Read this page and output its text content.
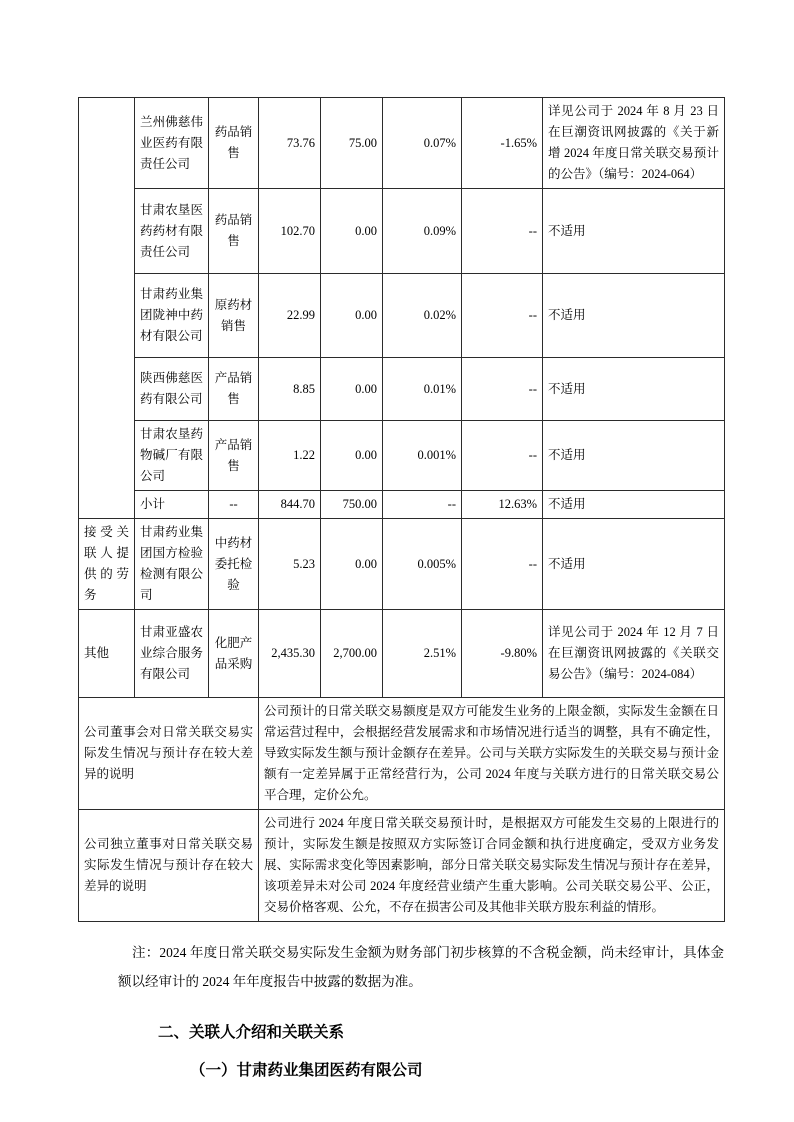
	兰州佛慈伟业医药有限责任公司	药品销售	73.76	75.00	0.07%	-1.65%	详见公司于 2024 年 8 月 23 日在巨潮资讯网披露的《关于新增 2024 年度日常关联交易预计的公告》（编号：2024-064）
	甘肃农垦医药药材有限责任公司	药品销售	102.70	0.00	0.09%	--	不适用
	甘肃药业集团陇神中药材有限公司	原药材销售	22.99	0.00	0.02%	--	不适用
	陕西佛慈医药有限公司	产品销售	8.85	0.00	0.01%	--	不适用
	甘肃农垦药物碱厂有限公司	产品销售	1.22	0.00	0.001%	--	不适用
	小计	--	844.70	750.00	--	12.63%	不适用
接受关联人提供的劳务	甘肃药业集团国方检验检测有限公司	中药材委托检验	5.23	0.00	0.005%	--	不适用
其他	甘肃亚盛农业综合服务有限公司	化肥产品采购	2,435.30	2,700.00	2.51%	-9.80%	详见公司于 2024 年 12 月 7 日在巨潮资讯网披露的《关联交易公告》（编号：2024-084）
公司董事会对日常关联交易实际发生情况与预计存在较大差异的说明			公司预计的日常关联交易额度是双方可能发生业务的上限金额，实际发生金额在日常运营过程中，会根据经营发展需求和市场情况进行适当的调整，具有不确定性，导致实际发生额与预计金额存在差异。公司与关联方实际发生的关联交易与预计金额有一定差异属于正常经营行为，公司 2024 年度与关联方进行的日常关联交易公平合理，定价公允。				
公司独立董事对日常关联交易实际发生情况与预计存在较大差异的说明			公司进行 2024 年度日常关联交易预计时，是根据双方可能发生交易的上限进行的预计，实际发生额是按照双方实际签订合同金额和执行进度确定，受双方业务发展、实际需求变化等因素影响，部分日常关联交易实际发生情况与预计存在差异，该项差异未对公司 2024 年度经营业绩产生重大影响。公司关联交易公平、公正，交易价格客观、公允，不存在损害公司及其他非关联方股东利益的情形。				

注：2024 年度日常关联交易实际发生金额为财务部门初步核算的不含税金额，尚未经审计，具体金额以经审计的 2024 年年度报告中披露的数据为准。

二、关联人介绍和关联关系
（一）甘肃药业集团医药有限公司
